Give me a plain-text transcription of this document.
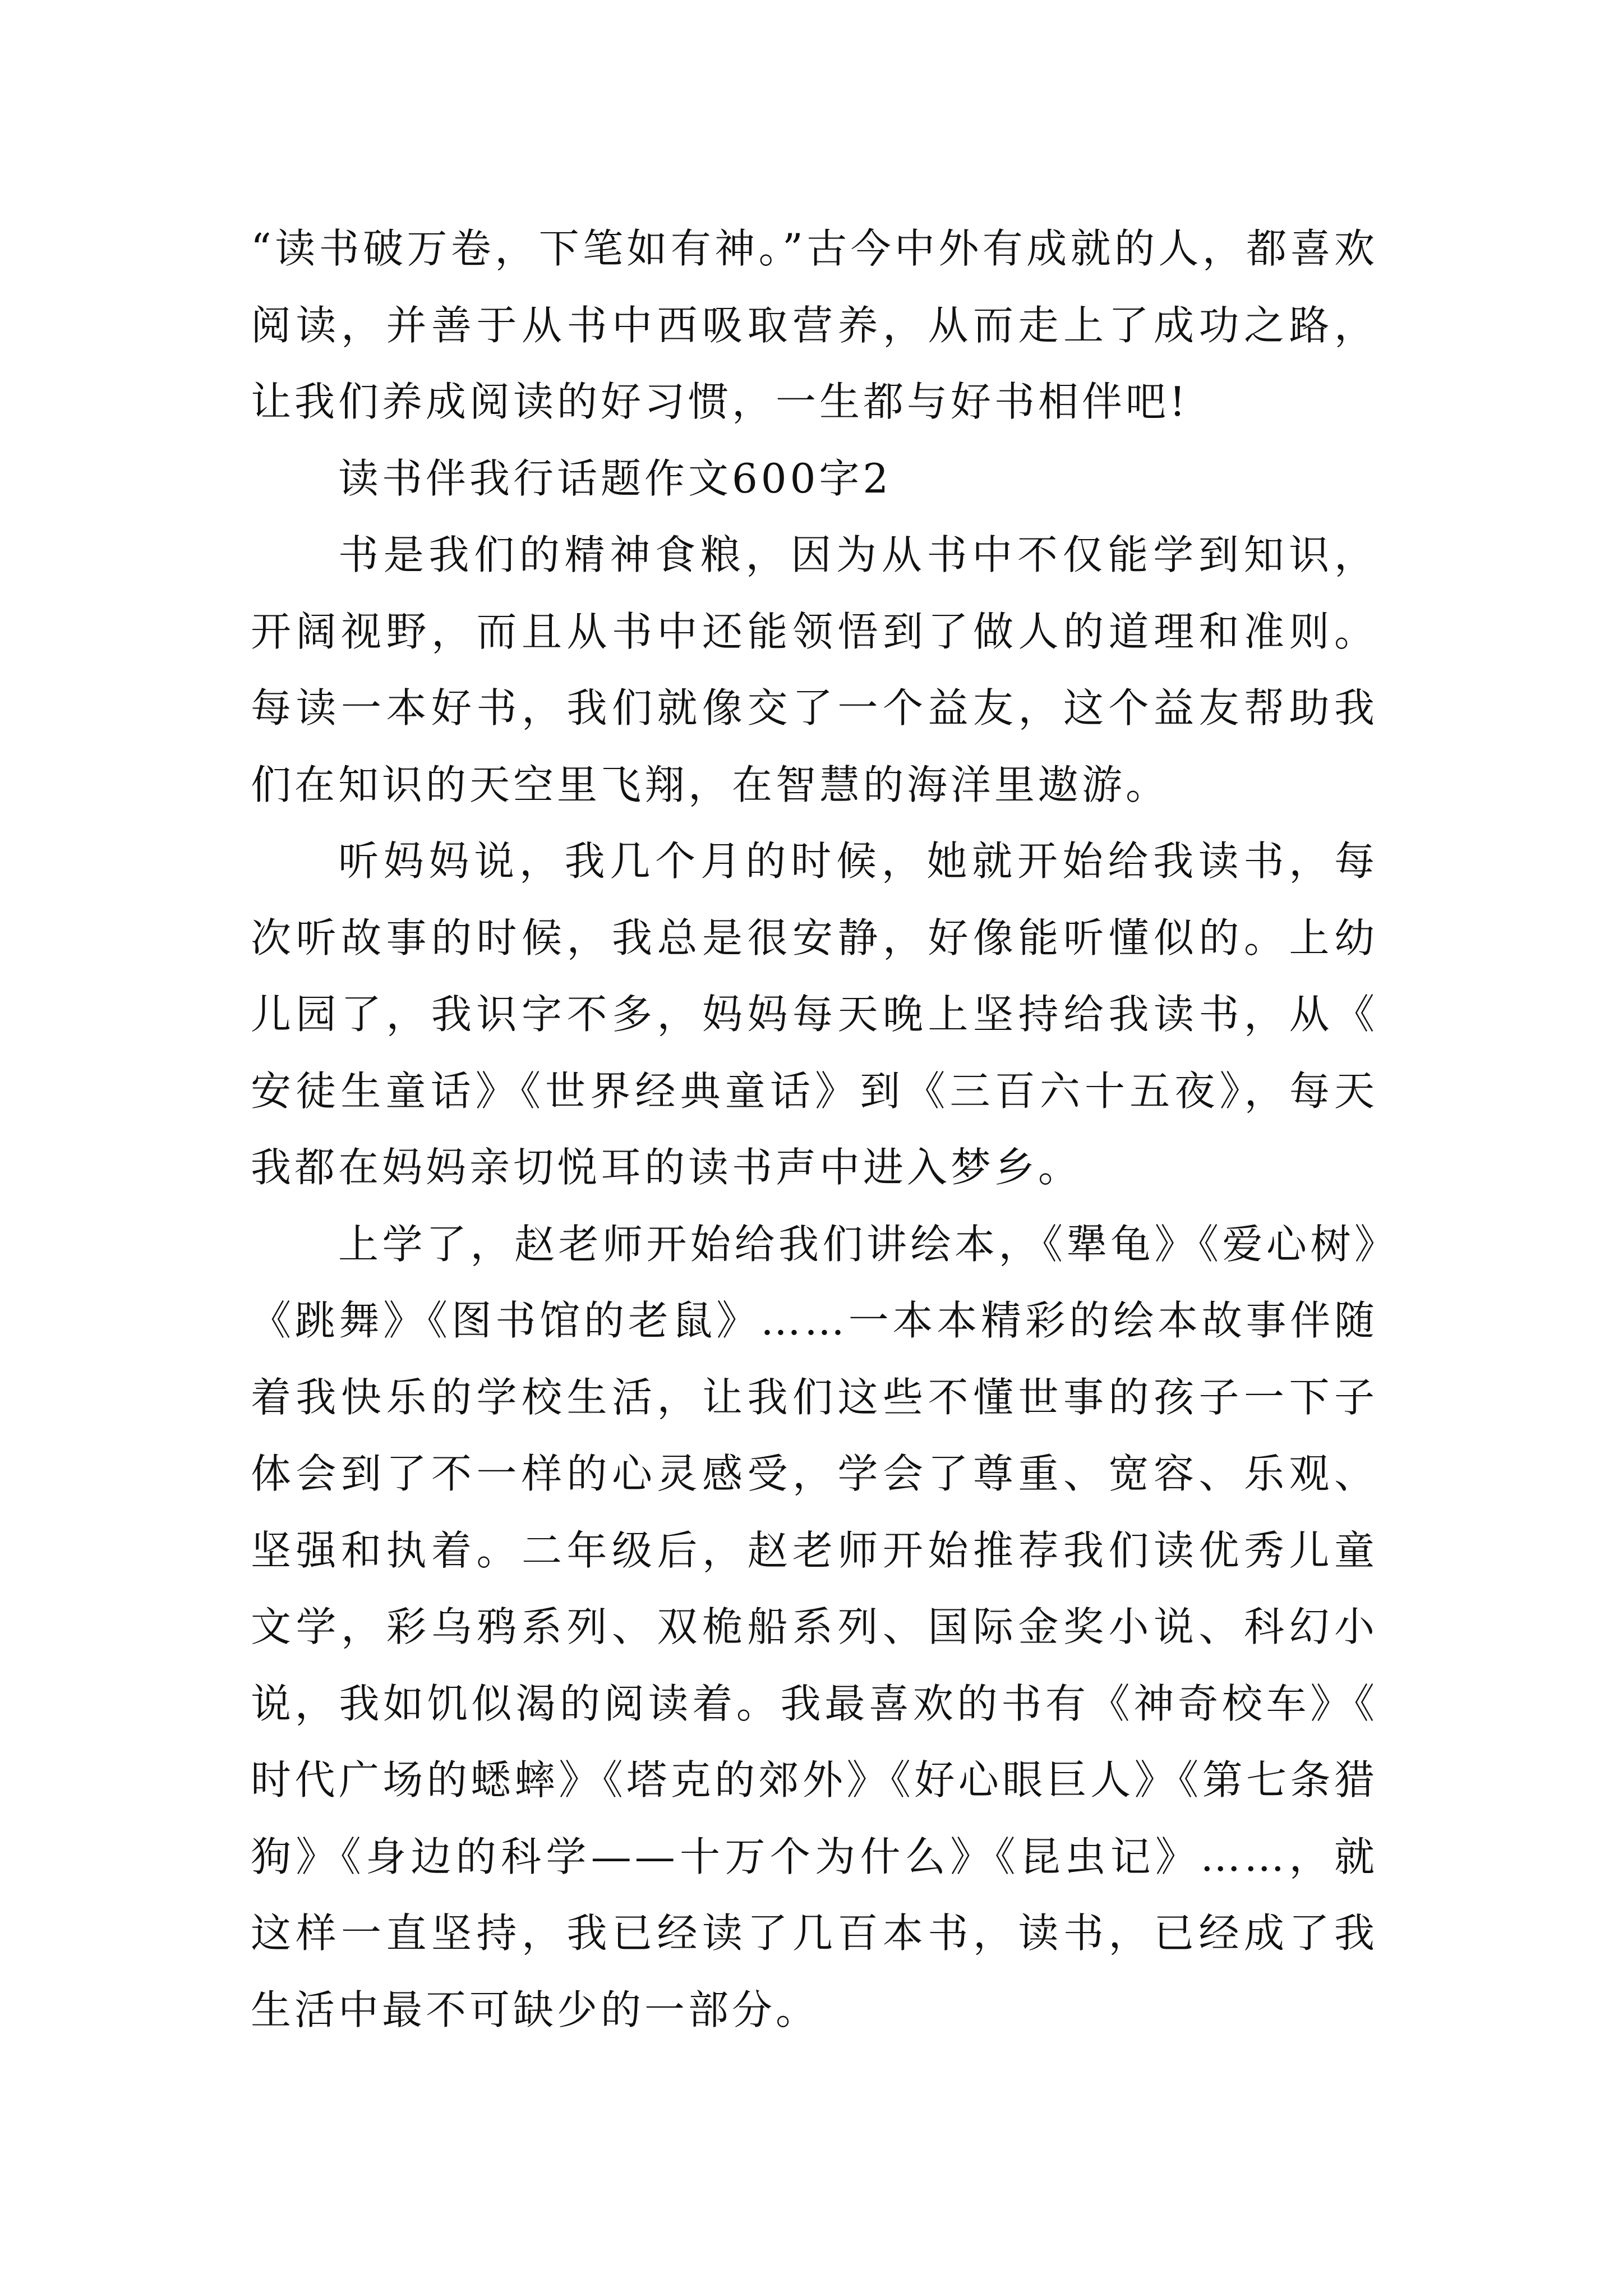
“读书破万卷，下笔如有神。”古今中外有成就的人，都喜欢阅读，并善于从书中西吸取营养，从而走上了成功之路，让我们养成阅读的好习惯，一生都与好书相伴吧!

读书伴我行话题作文600字2

书是我们的精神食粮，因为从书中不仅能学到知识，开阔视野，而且从书中还能领悟到了做人的道理和准则。每读一本好书，我们就像交了一个益友，这个益友帮助我们在知识的天空里飞翔，在智慧的海洋里遨游。

听妈妈说，我几个月的时候，她就开始给我读书，每次听故事的时候，我总是很安静，好像能听懂似的。上幼儿园了，我识字不多，妈妈每天晚上坚持给我读书，从《安徒生童话》《世界经典童话》到《三百六十五夜》，每天我都在妈妈亲切悦耳的读书声中进入梦乡。

上学了，赵老师开始给我们讲绘本，《犟龟》《爱心树》《跳舞》《图书馆的老鼠》……一本本精彩的绘本故事伴随着我快乐的学校生活，让我们这些不懂世事的孩子一下子体会到了不一样的心灵感受，学会了尊重、宽容、乐观、坚强和执着。二年级后，赵老师开始推荐我们读优秀儿童文学，彩乌鸦系列、双桅船系列、国际金奖小说、科幻小说，我如饥似渴的阅读着。我最喜欢的书有《神奇校车》《时代广场的蟋蟀》《塔克的郊外》《好心眼巨人》《第七条猎狗》《身边的科学——十万个为什么》《昆虫记》……，就这样一直坚持，我已经读了几百本书，读书，已经成了我生活中最不可缺少的一部分。
